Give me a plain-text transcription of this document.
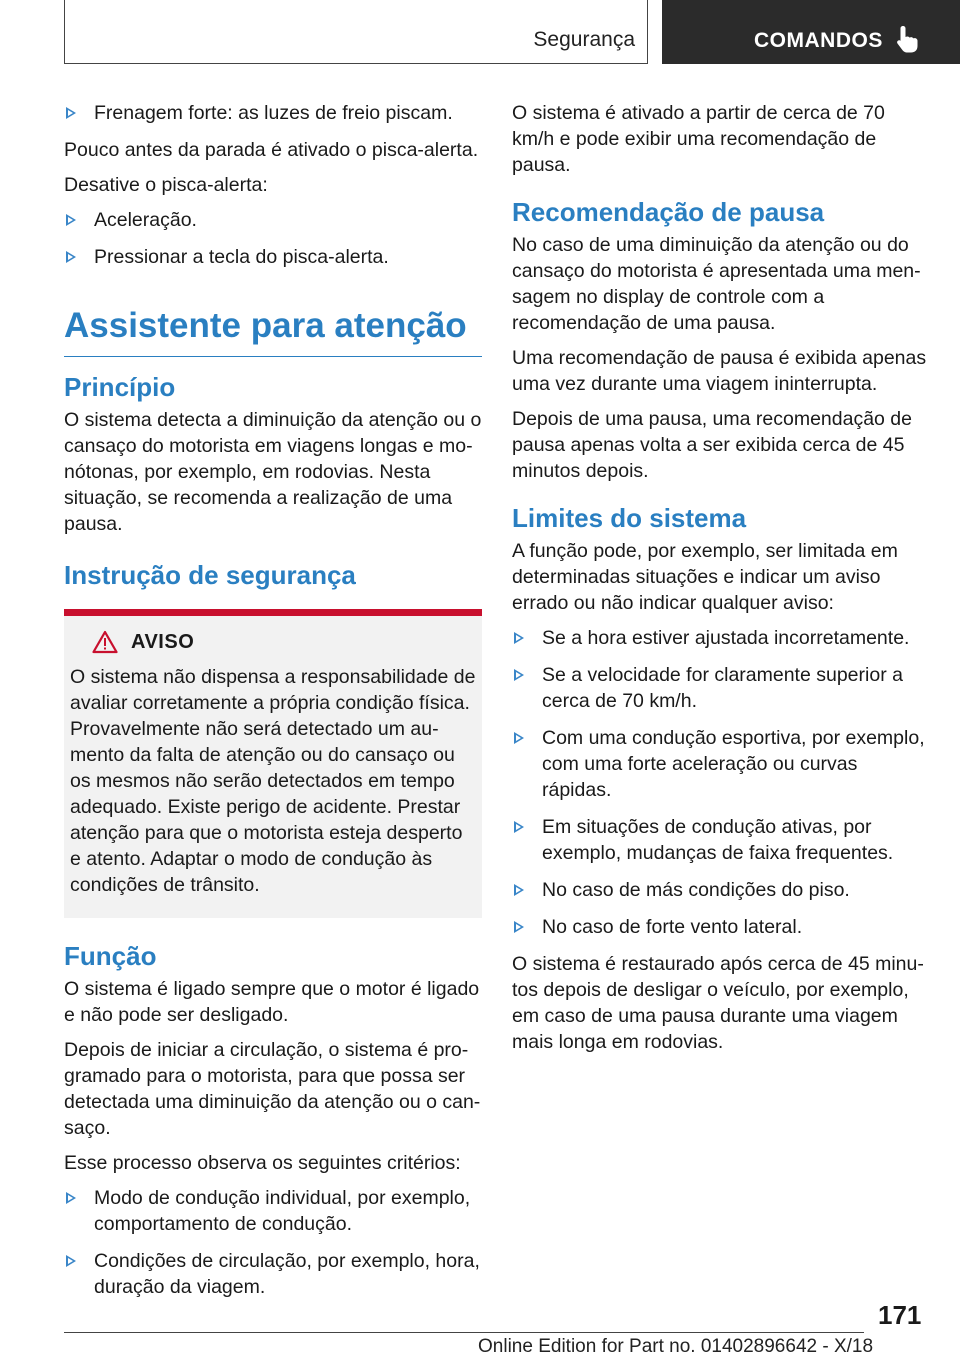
Segurança	COMANDOS
Frenagem forte: as luzes de freio piscam.

Pouco antes da parada é ativado o pisca-alerta.

Desative o pisca-alerta:

Aceleração.
Pressionar a tecla do pisca-alerta.
Assistente para atenção
Princípio

O sistema detecta a diminuição da atenção ou o cansaço do motorista em viagens longas e monótonas, por exemplo, em rodovias. Nesta situação, se recomenda a realização de uma pausa.

Instrução de segurança
AVISO

O sistema não dispensa a responsabilidade de avaliar corretamente a própria condição física. Provavelmente não será detectado um aumento da falta de atenção ou do cansaço ou os mesmos não serão detectados em tempo adequado. Existe perigo de acidente. Prestar atenção para que o motorista esteja desperto e atento. Adaptar o modo de condução às condições de trânsito.

Função

O sistema é ligado sempre que o motor é ligado e não pode ser desligado.

Depois de iniciar a circulação, o sistema é programado para o motorista, para que possa ser detectada uma diminuição da atenção ou o cansaço.

Esse processo observa os seguintes critérios:

Modo de condução individual, por exemplo, comportamento de condução.
Condições de circulação, por exemplo, hora, duração da viagem.

O sistema é ativado a partir de cerca de 70 km/h e pode exibir uma recomendação de pausa.

Recomendação de pausa

No caso de uma diminuição da atenção ou do cansaço do motorista é apresentada uma mensagem no display de controle com a recomendação de uma pausa.

Uma recomendação de pausa é exibida apenas uma vez durante uma viagem ininterrupta.

Depois de uma pausa, uma recomendação de pausa apenas volta a ser exibida cerca de 45 minutos depois.

Limites do sistema

A função pode, por exemplo, ser limitada em determinadas situações e indicar um aviso errado ou não indicar qualquer aviso:

Se a hora estiver ajustada incorretamente.
Se a velocidade for claramente superior a cerca de 70 km/h.
Com uma condução esportiva, por exemplo, com uma forte aceleração ou curvas rápidas.
Em situações de condução ativas, por exemplo, mudanças de faixa frequentes.
No caso de más condições do piso.
No caso de forte vento lateral.

O sistema é restaurado após cerca de 45 minutos depois de desligar o veículo, por exemplo, em caso de uma pausa durante uma viagem mais longa em rodovias.

171
Online Edition for Part no. 01402896642 - X/18
